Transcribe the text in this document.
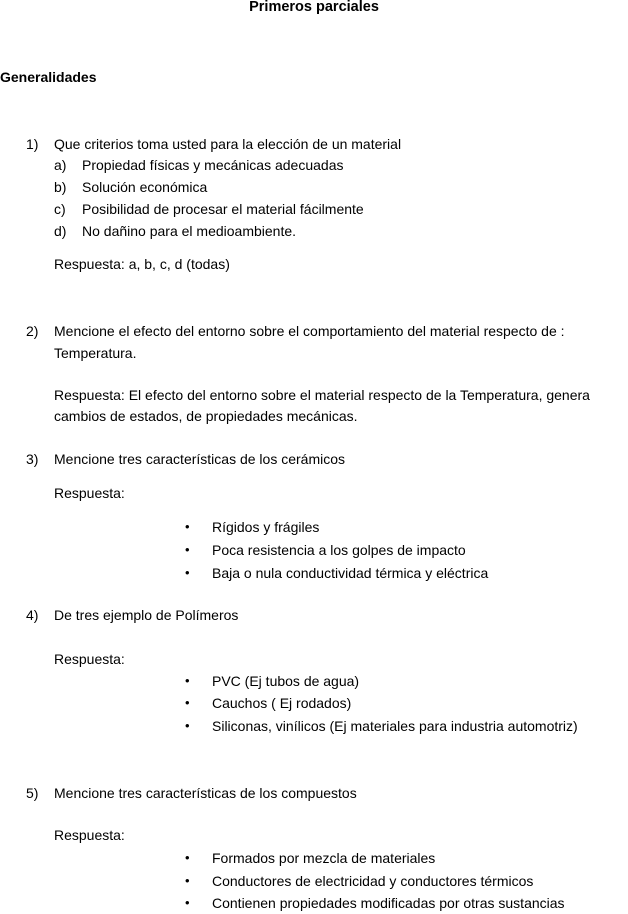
Primeros parciales
Generalidades
1) Que criterios toma usted para la elección de un material
a) Propiedad físicas y mecánicas adecuadas
b) Solución económica
c) Posibilidad de procesar el material fácilmente
d) No dañino para el medioambiente.
Respuesta: a, b, c, d (todas)
2) Mencione el efecto del entorno sobre el comportamiento del material respecto de :
Temperatura.
Respuesta: El efecto del entorno sobre el material respecto de la Temperatura, genera
cambios de estados, de propiedades mecánicas.
3) Mencione tres características de los cerámicos
Respuesta:
• Rígidos y frágiles
• Poca resistencia a los golpes de impacto
• Baja o nula conductividad térmica y eléctrica
4) De tres ejemplo de Polímeros
Respuesta:
• PVC (Ej tubos de agua)
• Cauchos ( Ej rodados)
• Siliconas, vinílicos (Ej materiales para industria automotriz)
5) Mencione tres características de los compuestos
Respuesta:
• Formados por mezcla de materiales
• Conductores de electricidad y conductores térmicos
• Contienen propiedades modificadas por otras sustancias
